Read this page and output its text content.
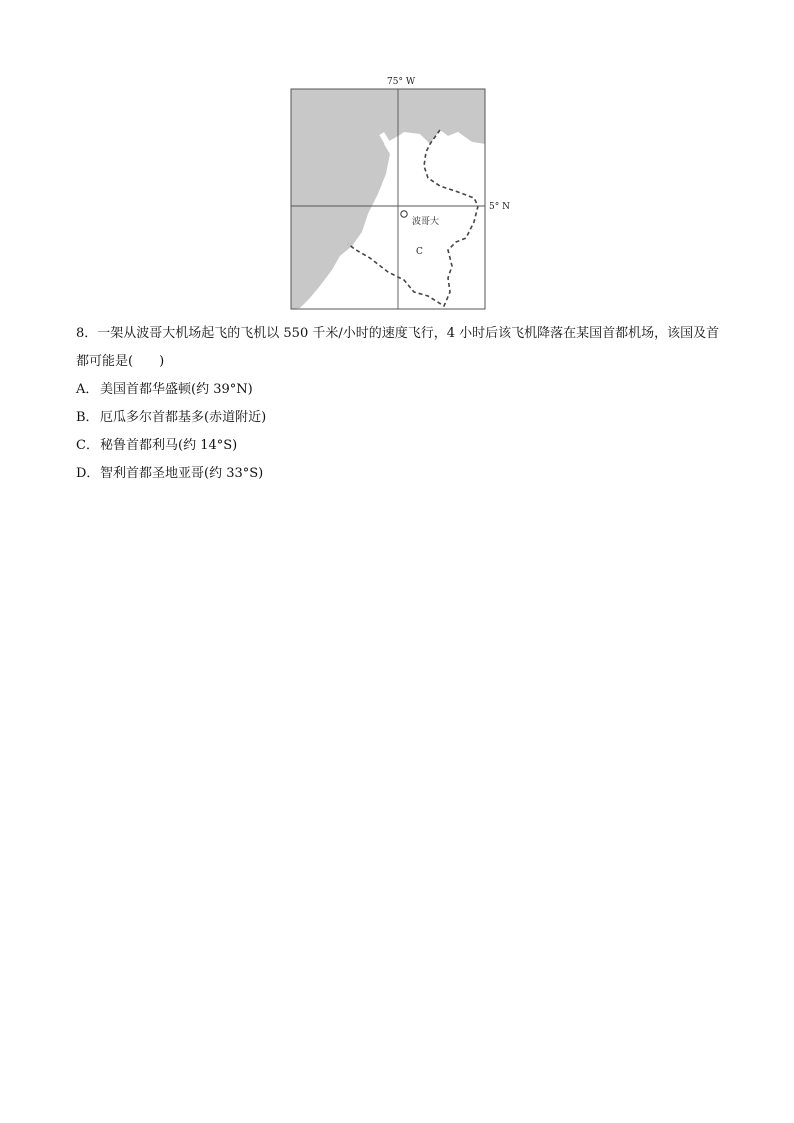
75° W
5° N
波哥大
C

8．一架从波哥大机场起飞的飞机以 550 千米/小时的速度飞行，4 小时后该飞机降落在某国首都机场，该国及首都可能是(　　)

A． 美国首都华盛顿(约 39°N)

B．厄瓜多尔首都基多(赤道附近)

C．秘鲁首都利马(约 14°S)

D．智利首都圣地亚哥(约 33°S)
